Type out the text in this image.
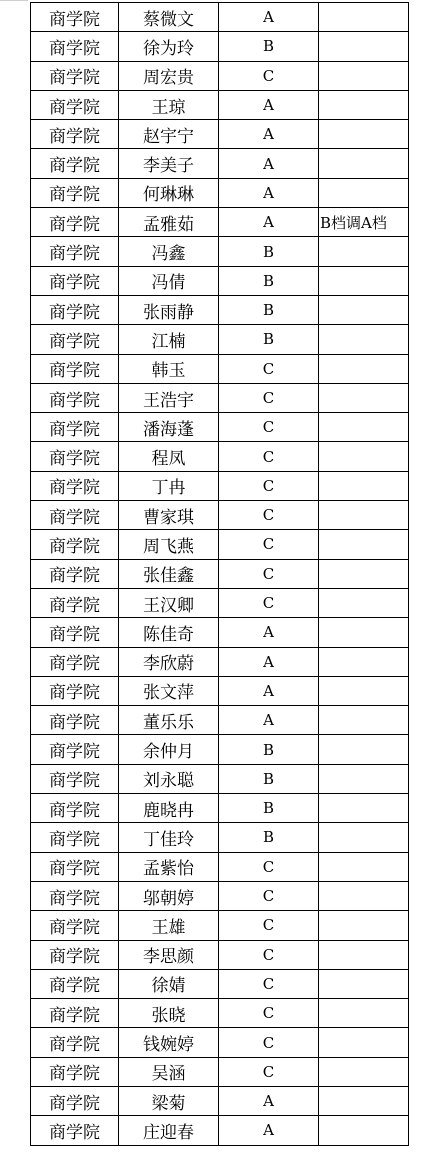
商学院	蔡微文	A	
商学院	徐为玲	B	
商学院	周宏贵	C	
商学院	王琼	A	
商学院	赵宇宁	A	
商学院	李美子	A	
商学院	何琳琳	A	
商学院	孟雅茹	A	B档调A档
商学院	冯鑫	B	
商学院	冯倩	B	
商学院	张雨静	B	
商学院	江楠	B	
商学院	韩玉	C	
商学院	王浩宇	C	
商学院	潘海蓬	C	
商学院	程凤	C	
商学院	丁冉	C	
商学院	曹家琪	C	
商学院	周飞燕	C	
商学院	张佳鑫	C	
商学院	王汉卿	C	
商学院	陈佳奇	A	
商学院	李欣蔚	A	
商学院	张文萍	A	
商学院	董乐乐	A	
商学院	余仲月	B	
商学院	刘永聪	B	
商学院	鹿晓冉	B	
商学院	丁佳玲	B	
商学院	孟紫怡	C	
商学院	邬朝婷	C	
商学院	王雄	C	
商学院	李思颜	C	
商学院	徐婧	C	
商学院	张晓	C	
商学院	钱婉婷	C	
商学院	吴涵	C	
商学院	梁菊	A	
商学院	庄迎春	A	
